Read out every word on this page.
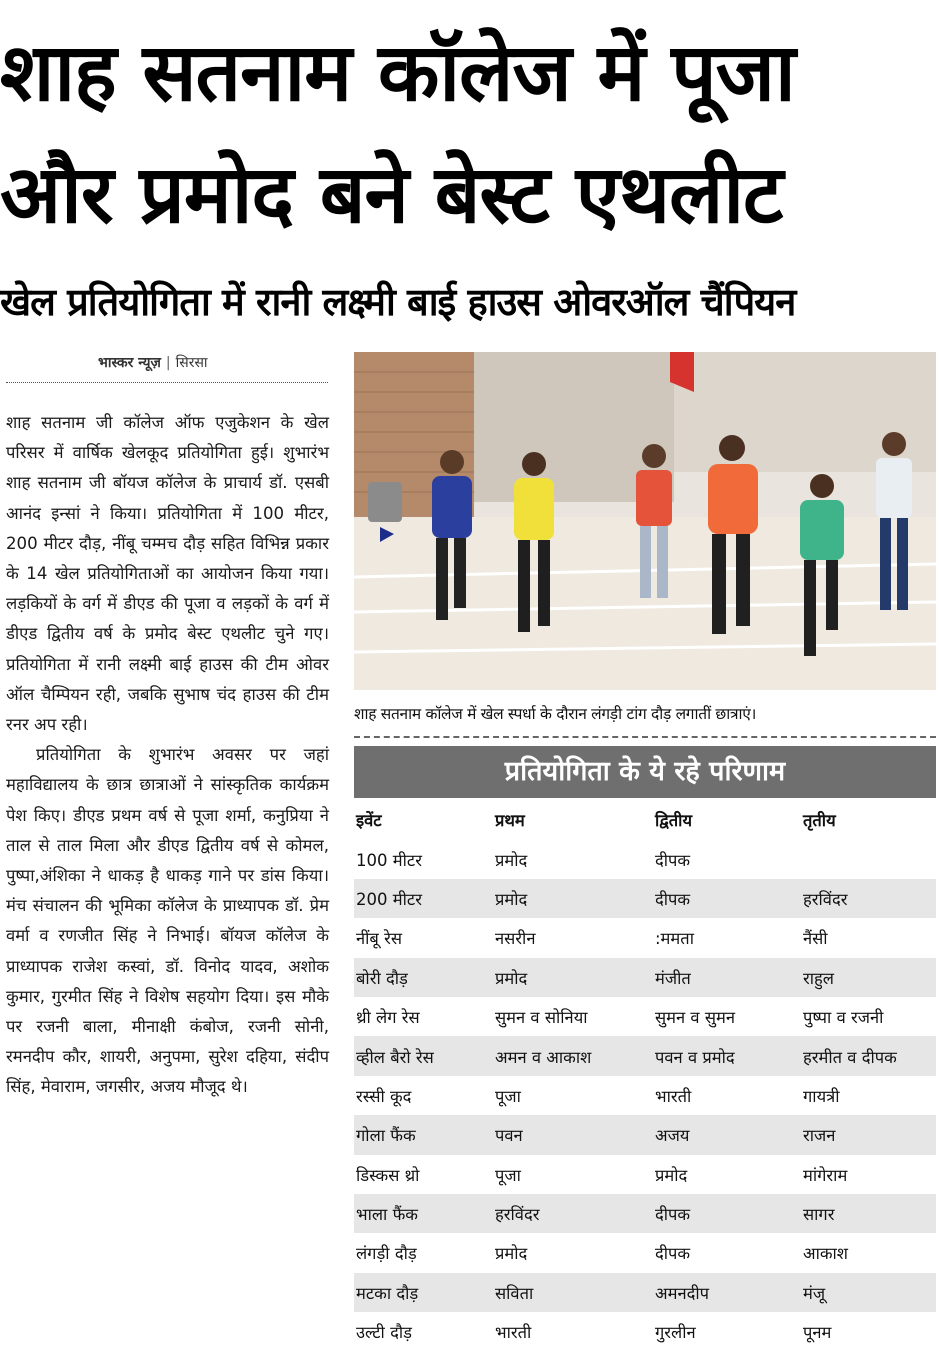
शाह सतनाम कॉलेज में पूजा
और प्रमोद बने बेस्ट एथलीट
खेल प्रतियोगिता में रानी लक्ष्मी बाई हाउस ओवरऑल चैंपियन
भास्कर न्यूज़ | सिरसा

शाह सतनाम जी कॉलेज ऑफ एजुकेशन के खेल परिसर में वार्षिक खेलकूद प्रतियोगिता हुई। शुभारंभ शाह सतनाम जी बॉयज कॉलेज के प्राचार्य डॉ. एसबी आनंद इन्सां ने किया। प्रतियोगिता में 100 मीटर, 200 मीटर दौड़, नींबू चम्मच दौड़ सहित विभिन्न प्रकार के 14 खेल प्रतियोगिताओं का आयोजन किया गया। लड़कियों के वर्ग में डीएड की पूजा व लड़कों के वर्ग में डीएड द्वितीय वर्ष के प्रमोद बेस्ट एथलीट चुने गए। प्रतियोगिता में रानी लक्ष्मी बाई हाउस की टीम ओवर ऑल चैम्पियन रही, जबकि सुभाष चंद हाउस की टीम रनर अप रही।

प्रतियोगिता के शुभारंभ अवसर पर जहां महाविद्यालय के छात्र छात्राओं ने सांस्कृतिक कार्यक्रम पेश किए। डीएड प्रथम वर्ष से पूजा शर्मा, कनुप्रिया ने ताल से ताल मिला और डीएड द्वितीय वर्ष से कोमल, पुष्पा,अंशिका ने धाकड़ है धाकड़ गाने पर डांस किया। मंच संचालन की भूमिका कॉलेज के प्राध्यापक डॉ. प्रेम वर्मा व रणजीत सिंह ने निभाई। बॉयज कॉलेज के प्राध्यापक राजेश कस्वां, डॉ. विनोद यादव, अशोक कुमार, गुरमीत सिंह ने विशेष सहयोग दिया। इस मौके पर रजनी बाला, मीनाक्षी कंबोज, रजनी सोनी, रमनदीप कौर, शायरी, अनुपमा, सुरेश दहिया, संदीप सिंह, मेवाराम, जगसीर, अजय मौजूद थे।

शाह सतनाम कॉलेज में खेल स्पर्धा के दौरान लंगड़ी टांग दौड़ लगातीं छात्राएं।
प्रतियोगिता के ये रहे परिणाम
इवेंट	प्रथम	द्वितीय	तृतीय
100 मीटर	प्रमोद	दीपक	
200 मीटर	प्रमोद	दीपक	हरविंदर
नींबू रेस	नसरीन	:ममता	नैंसी
बोरी दौड़	प्रमोद	मंजीत	राहुल
थ्री लेग रेस	सुमन व सोनिया	सुमन व सुमन	पुष्पा व रजनी
व्हील बैरो रेस	अमन व आकाश	पवन व प्रमोद	हरमीत व दीपक
रस्सी कूद	पूजा	भारती	गायत्री
गोला फैंक	पवन	अजय	राजन
डिस्कस थ्रो	पूजा	प्रमोद	मांगेराम
भाला फैंक	हरविंदर	दीपक	सागर
लंगड़ी दौड़	प्रमोद	दीपक	आकाश
मटका दौड़	सविता	अमनदीप	मंजू
उल्टी दौड़	भारती	गुरलीन	पूनम
